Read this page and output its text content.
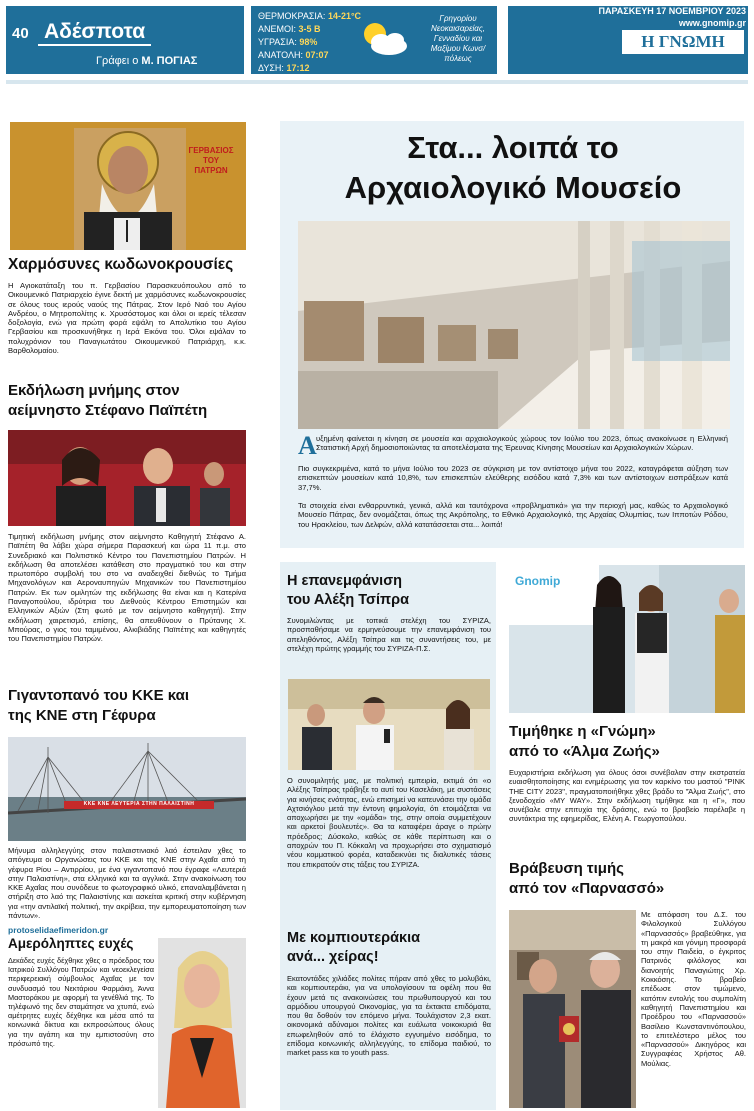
40 Αδέσποτα
Γράφει ο Μ. ΠΟΓΙΑΣ
ΘΕΡΜΟΚΡΑΣΙΑ: 14-21°C
ΑΝΕΜΟΙ: 3-5 B
ΥΓΡΑΣΙΑ: 98%
ΑΝΑΤΟΛΗ: 07:07
ΔΥΣΗ: 17:12
Γρηγορίου Νεοκαισαρείας, Γενναδίου και Μαξίμου Κωνσ/πόλεως
ΠΑΡΑΣΚΕΥΗ 17 ΝΟΕΜΒΡΙΟΥ 2023
www.gnomip.gr
Η ΓΝΩΜΗ
ΓΕΡΒΑΣΙΟΣ ΤΟΥ ΠΑΤΡΩΝ
Χαρμόσυνες κωδωνοκρουσίες
Η Αγιοκατάταξη του π. Γερβασίου Παρασκευόπουλου από το Οικουμενικό Πατριαρχείο έγινε δεκτή με χαρμόσυνες κωδωνοκρουσίες σε όλους τους ιερούς ναούς της Πάτρας. Στον Ιερό Ναό του Αγίου Ανδρέου, ο Μητροπολίτης κ. Χρυσόστομος και όλοι οι ιερείς τέλεσαν δοξολογία, ενώ για πρώτη φορά εψάλη το Απολυτίκιο του Αγίου Γερβασίου και προσκυνήθηκε η Ιερά Εικόνα του. Όλοι εψάλαν το πολυχρόνιον του Παναγιωτάτου Οικουμενικού Πατριάρχη, κ.κ. Βαρθολομαίου.
Εκδήλωση μνήμης στον
αείμνηστο Στέφανο Παϊπέτη
Τιμητική εκδήλωση μνήμης στον αείμνηστο Καθηγητή Στέφανο Α. Παϊπέτη θα λάβει χώρα σήμερα Παρασκευή και ώρα 11 π.μ. στο Συνεδριακό και Πολιτιστικό Κέντρο του Πανεπιστημίου Πατρών. Η εκδήλωση θα αποτελέσει κατάθεση στο πραγματικό του και στην πρωτοπόρο συμβολή του στο να αναδειχθεί διεθνώς το Τμήμα Μηχανολόγων και Αεροναυπηγών Μηχανικών του Πανεπιστημίου Πατρών. Εκ των ομιλητών της εκδήλωσης θα είναι και η Κατερίνα Παναγοπούλου, ιδρύτρια του Διεθνούς Κέντρου Επιστημών και Ελληνικών Αξιών (Στη φωτό με τον αείμνηστο καθηγητή). Στην εκδήλωση χαιρετισμό, επίσης, θα απευθύνουν ο Πρύτανης Χ. Μπούρας, ο γιος του ταμιμένου, Αλκιβιάδης Παϊπέτης και καθηγητές του Πανεπιστημίου Πατρών.
Γιγαντοπανό του ΚΚΕ και
της ΚΝΕ στη Γέφυρα
ΚΚΕ ΚΝΕ ΛΕΥΤΕΡΙΑ ΣΤΗΝ ΠΑΛΑΙΣΤΙΝΗ
Μήνυμα αλληλεγγύης στον παλαιστινιακό λαό έστειλαν χθες το απόγευμα οι Οργανώσεις του ΚΚΕ και της ΚΝΕ στην Αχαΐα από τη γέφυρα Ρίου – Αντιρρίου, με ένα γιγαντοπανό που έγραφε «Λευτεριά στην Παλαιστίνη», στα ελληνικά και τα αγγλικά. Στην ανακοίνωση του ΚΚΕ Αχαΐας που συνόδευε το φωτογραφικό υλικό, επαναλαμβάνεται η στήριξη στο λαό της Παλαιστίνης και ασκείται κριτική στην κυβέρνηση για «την αντιλαϊκή πολιτική, την ακρίβεια, την εμπορευματοποίηση των πάντων».
protoselidaefimeridon.gr
Αμερόληπτες ευχές
Δεκάδες ευχές δέχθηκε χθες ο πρόεδρος του Ιατρικού Συλλόγου Πατρών και νεοεκλεγείσα περιφερειακή σύμβουλος Αχαΐας με τον συνδυασμό του Νεκτάριου Φαρμάκη, Άννα Μαστοράκου με αφορμή τα γενέθλιά της. Το τηλέφωνό της δεν σταμάτησε να χτυπά, ενώ αμέτρητες ευχές δέχθηκε και μέσα από τα κοινωνικά δίκτυα και εκπροσώπους όλους για την αγάπη και την εμπιστοσύνη στο πρόσωπό της.
Στα... λοιπά το
Αρχαιολογικό Μουσείο
Α υξημένη φαίνεται η κίνηση σε μουσεία και αρχαιολογικούς χώρους τον Ιούλιο του 2023, όπως ανακοίνωσε η Ελληνική Στατιστική Αρχή δημοσιοποιώντας τα αποτελέσματα της Έρευνας Κίνησης Μουσείων και Αρχαιολογικών Χώρων.
Πιο συγκεκριμένα, κατά το μήνα Ιούλιο του 2023 σε σύγκριση με τον αντίστοιχο μήνα του 2022, καταγράφεται αύξηση των επισκεπτών μουσείων κατά 10,8%, των επισκεπτών ελεύθερης εισόδου κατά 7,3% και των αντίστοιχων εισπράξεων κατά 37,7%.
Τα στοιχεία είναι ενθαρρυντικά, γενικά, αλλά και ταυτόχρονα «προβληματικά» για την περιοχή μας, καθώς το Αρχαιολογικό Μουσείο Πάτρας, δεν ονομάζεται, όπως της Ακρόπολης, το Εθνικό Αρχαιολογικό, της Αρχαίας Ολυμπίας, των Ιπποτών Ρόδου, του Ηρακλείου, των Δελφών, αλλά κατατάσσεται στα... λοιπά!
Η επανεμφάνιση
του Αλέξη Τσίπρα
Συνομιλώντας με τοπικά στελέχη του ΣΥΡΙΖΑ, προσπαθήσαμε να ερμηνεύσουμε την επανεμφάνιση του απεληθόντος, Αλέξη Τσίπρα και τις συναντήσεις του, με στελέχη πρώτης γραμμής του ΣΥΡΙΖΑ-Π.Σ.
Ο συνομιλητής μας, με πολιτική εμπειρία, εκτιμά ότι «ο Αλέξης Τσίπρας τράβηξε το αυτί του Κασελάκη, με συστάσεις για κινήσεις ενότητας, ενώ επισημεί να κατευνάσει την ομάδα Αχτσιόγλου μετά την έντονη φημολογία, ότι ετοιμάζεται να αποχωρήσει με την «ομάδα» της, στην οποία συμμετέχουν και αρκετοί βουλευτές». Θα τα καταφέρει άραγε ο πρώην πρόεδρος; Δύσκολο, καθώς σε κάθε περίπτωση και ο αποχρών του Π. Κόκκαλη να προχωρήσει στο σχηματισμό νέου κομματικού φορέα, καταδεικνύει τις διαλυτικές τάσεις που επικρατούν στις τάξεις του ΣΥΡΙΖΑ.
Με κομπιουτεράκια
ανά... χείρας!
Εκατοντάδες χιλιάδες πολίτες πήραν από χθες το μολυβάκι, και κομπιουτεράκι, για να υπολογίσουν τα οφέλη που θα έχουν μετά τις ανακοινώσεις του πρωθυπουργού και του αρμόδιου υπουργού Οικονομίας, για τα έκτακτα επιδόματα, που θα δοθούν τον επόμενο μήνα. Τουλάχιστον 2,3 εκατ. οικονομικά αδύναμοι πολίτες και ευάλωτα νοικοκυριά θα επωφεληθούν από το έλάχιστο εγγυημένο εισόδημα, το επίδομα κοινωνικής αλληλεγγύης, το επίδομα παιδιού, το market pass και το youth pass.
Gnomip
Τιμήθηκε η «Γνώμη»
από το «Άλμα Ζωής»
Ευχαριστήρια εκδήλωση για όλους όσοι συνέβαλαν στην εκστρατεία ευαισθητοποίησης και ενημέρωσης για τον καρκίνο του μαστού "ΡΙΝΚ ΤΗΕ CITY 2023", πραγματοποιήθηκε χθες βράδυ το "Άλμα Ζωής", στο ξενοδοχείο «MY WAY». Στην εκδήλωση τιμήθηκε και η «Γ», που συνέβαλε στην επιτυχία της δράσης, ενώ το βραβείο παρέλαβε η συντάκτρια της εφημερίδας, Ελένη Α. Γεωργοπούλου.
Βράβευση τιμής
από τον «Παρνασσό»
Με απόφαση του Δ.Σ. του Φιλολογικού Συλλόγου «Παρνασσός» βραβεύθηκε, για τη μακρά και γόνιμη προσφορά του στην Παιδεία, ο έγκριτος Πατρινός φιλόλογος και διανοητής Παναγιώτης Χρ. Κοκκόσης. Το βραβείο επέδωσε στον τιμώμενο, κατόπιν εντολής του συμπολίτη καθηγητή Πανεπιστημίου και Προέδρου του «Παρνασσού» Βασίλειο Κωνσταντινόπουλου, το επιτελέστερο μέλος του «Παρνασσού» Δικηγόρος και Συγγραφέας Χρήστος Αθ. Μούλιας.
